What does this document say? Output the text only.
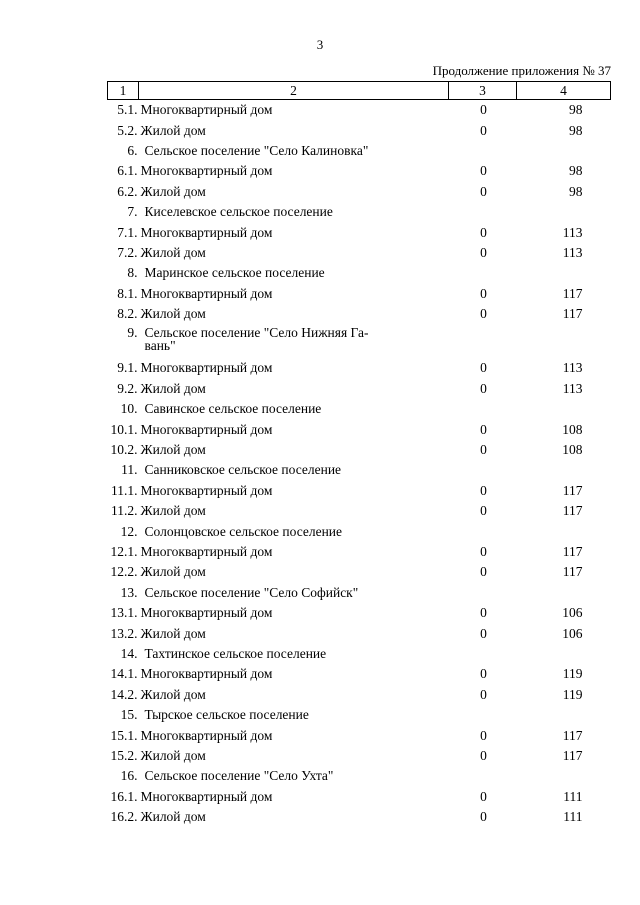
3
Продолжение приложения № 37
1	2	3	4
5.1.	Многоквартирный дом	0	98
5.2.	Жилой дом	0	98
6.	Сельское поселение "Село Калиновка"		
6.1.	Многоквартирный дом	0	98
6.2.	Жилой дом	0	98
7.	Киселевское сельское поселение		
7.1.	Многоквартирный дом	0	113
7.2.	Жилой дом	0	113
8.	Маринское сельское поселение		
8.1.	Многоквартирный дом	0	117
8.2.	Жилой дом	0	117
9.	Сельское поселение "Село Нижняя Га- вань"		

9.1.	Многоквартирный дом	0	113
9.2.	Жилой дом	0	113
10.	Савинское сельское поселение		
10.1.	Многоквартирный дом	0	108
10.2.	Жилой дом	0	108
11.	Санниковское сельское поселение		
11.1.	Многоквартирный дом	0	117
11.2.	Жилой дом	0	117
12.	Солонцовское сельское поселение		
12.1.	Многоквартирный дом	0	117
12.2.	Жилой дом	0	117
13.	Сельское поселение "Село Софийск"		
13.1.	Многоквартирный дом	0	106
13.2.	Жилой дом	0	106
14.	Тахтинское сельское поселение		
14.1.	Многоквартирный дом	0	119
14.2.	Жилой дом	0	119
15.	Тырское сельское поселение		
15.1.	Многоквартирный дом	0	117
15.2.	Жилой дом	0	117
16.	Сельское поселение "Село Ухта"		
16.1.	Многоквартирный дом	0	111
16.2.	Жилой дом	0	111
